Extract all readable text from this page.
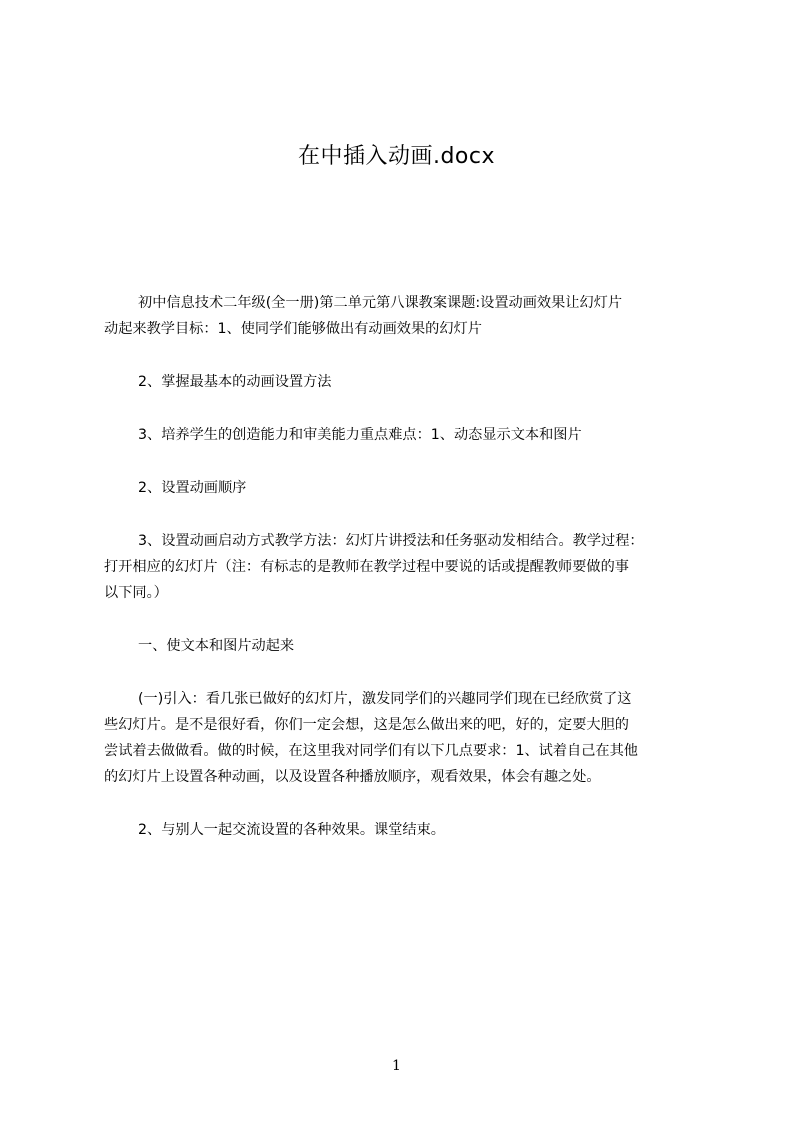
在中插入动画.docx
初中信息技术二年级(全一册)第二单元第八课教案课题:设置动画效果让幻灯片
动起来教学目标：1、使同学们能够做出有动画效果的幻灯片
2、掌握最基本的动画设置方法
3、培养学生的创造能力和审美能力重点难点：1、动态显示文本和图片
2、设置动画顺序
3、设置动画启动方式教学方法：幻灯片讲授法和任务驱动发相结合。教学过程：
打开相应的幻灯片（注：有标志的是教师在教学过程中要说的话或提醒教师要做的事
以下同。）
一、使文本和图片动起来
(一)引入：看几张已做好的幻灯片，激发同学们的兴趣同学们现在已经欣赏了这
些幻灯片。是不是很好看，你们一定会想，这是怎么做出来的吧，好的，定要大胆的
尝试着去做做看。做的时候，在这里我对同学们有以下几点要求：1、试着自己在其他
的幻灯片上设置各种动画，以及设置各种播放顺序，观看效果，体会有趣之处。
2、与别人一起交流设置的各种效果。课堂结束。
1
